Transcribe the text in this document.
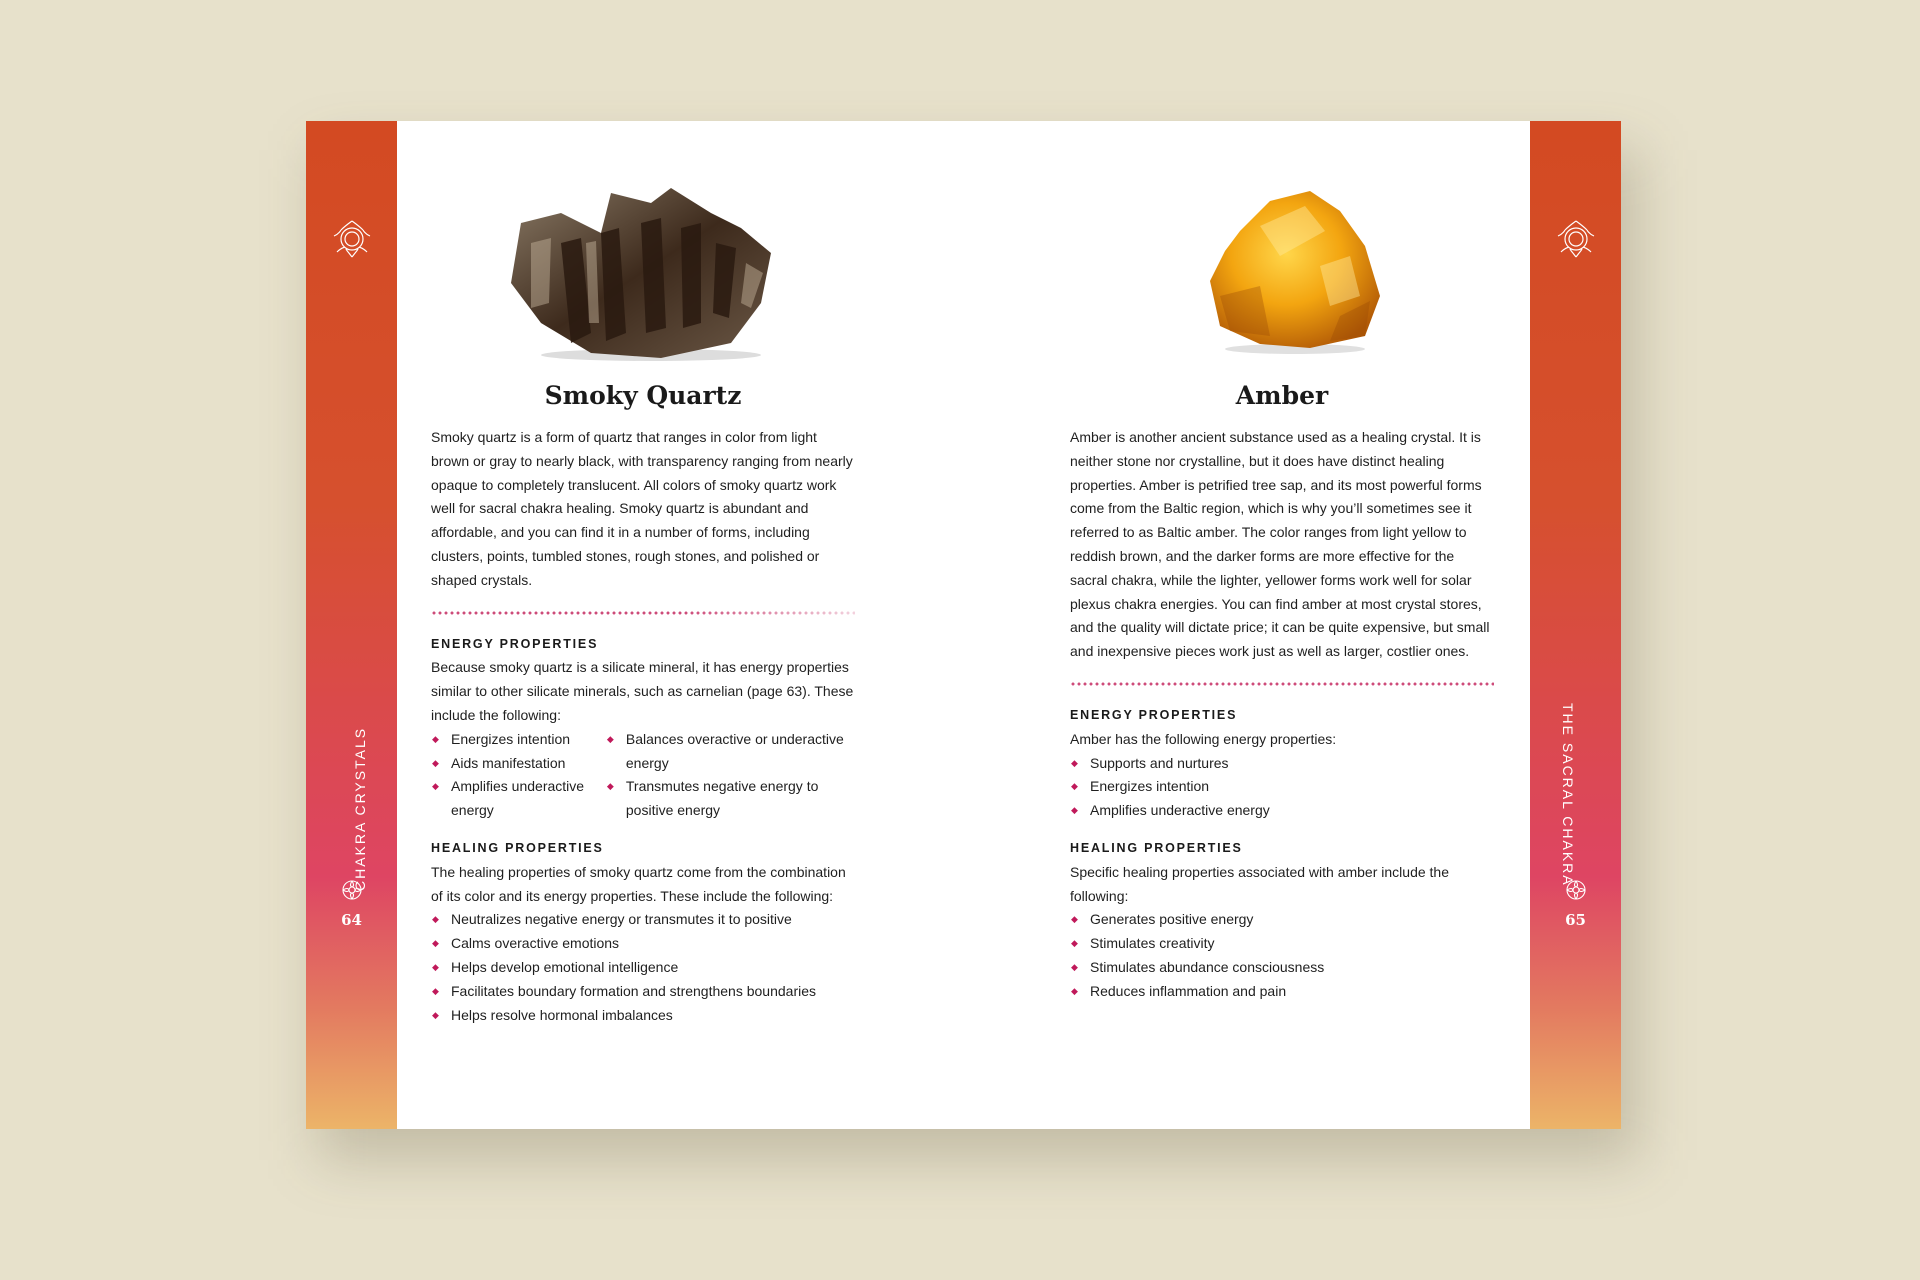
CHAKRA CRYSTALS
64
THE SACRAL CHAKRA
65
Smoky Quartz

Smoky quartz is a form of quartz that ranges in color from light brown or gray to nearly black, with transparency ranging from nearly opaque to completely translucent. All colors of smoky quartz work well for sacral chakra healing. Smoky quartz is abundant and affordable, and you can find it in a number of forms, including clusters, points, tumbled stones, rough stones, and polished or shaped crystals.

ENERGY PROPERTIES

Because smoky quartz is a silicate mineral, it has energy properties similar to other silicate minerals, such as carnelian (page 63). These include the following:

◆ Energizes intention
◆ Aids manifestation
◆ Amplifies underactive energy
◆ Balances overactive or underactive energy
◆ Transmutes negative energy to positive energy
HEALING PROPERTIES

The healing properties of smoky quartz come from the combination of its color and its energy properties. These include the following:

◆ Neutralizes negative energy or transmutes it to positive
◆ Calms overactive emotions
◆ Helps develop emotional intelligence
◆ Facilitates boundary formation and strengthens boundaries
◆ Helps resolve hormonal imbalances
Amber

Amber is another ancient substance used as a healing crystal. It is neither stone nor crystalline, but it does have distinct healing properties. Amber is petrified tree sap, and its most powerful forms come from the Baltic region, which is why you’ll sometimes see it referred to as Baltic amber. The color ranges from light yellow to reddish brown, and the darker forms are more effective for the sacral chakra, while the lighter, yellower forms work well for solar plexus chakra energies. You can find amber at most crystal stores, and the quality will dictate price; it can be quite expensive, but small and inexpensive pieces work just as well as larger, costlier ones.

ENERGY PROPERTIES

Amber has the following energy properties:

◆ Supports and nurtures
◆ Energizes intention
◆ Amplifies underactive energy
HEALING PROPERTIES

Specific healing properties associated with amber include the following:

◆ Generates positive energy
◆ Stimulates creativity
◆ Stimulates abundance consciousness
◆ Reduces inflammation and pain
